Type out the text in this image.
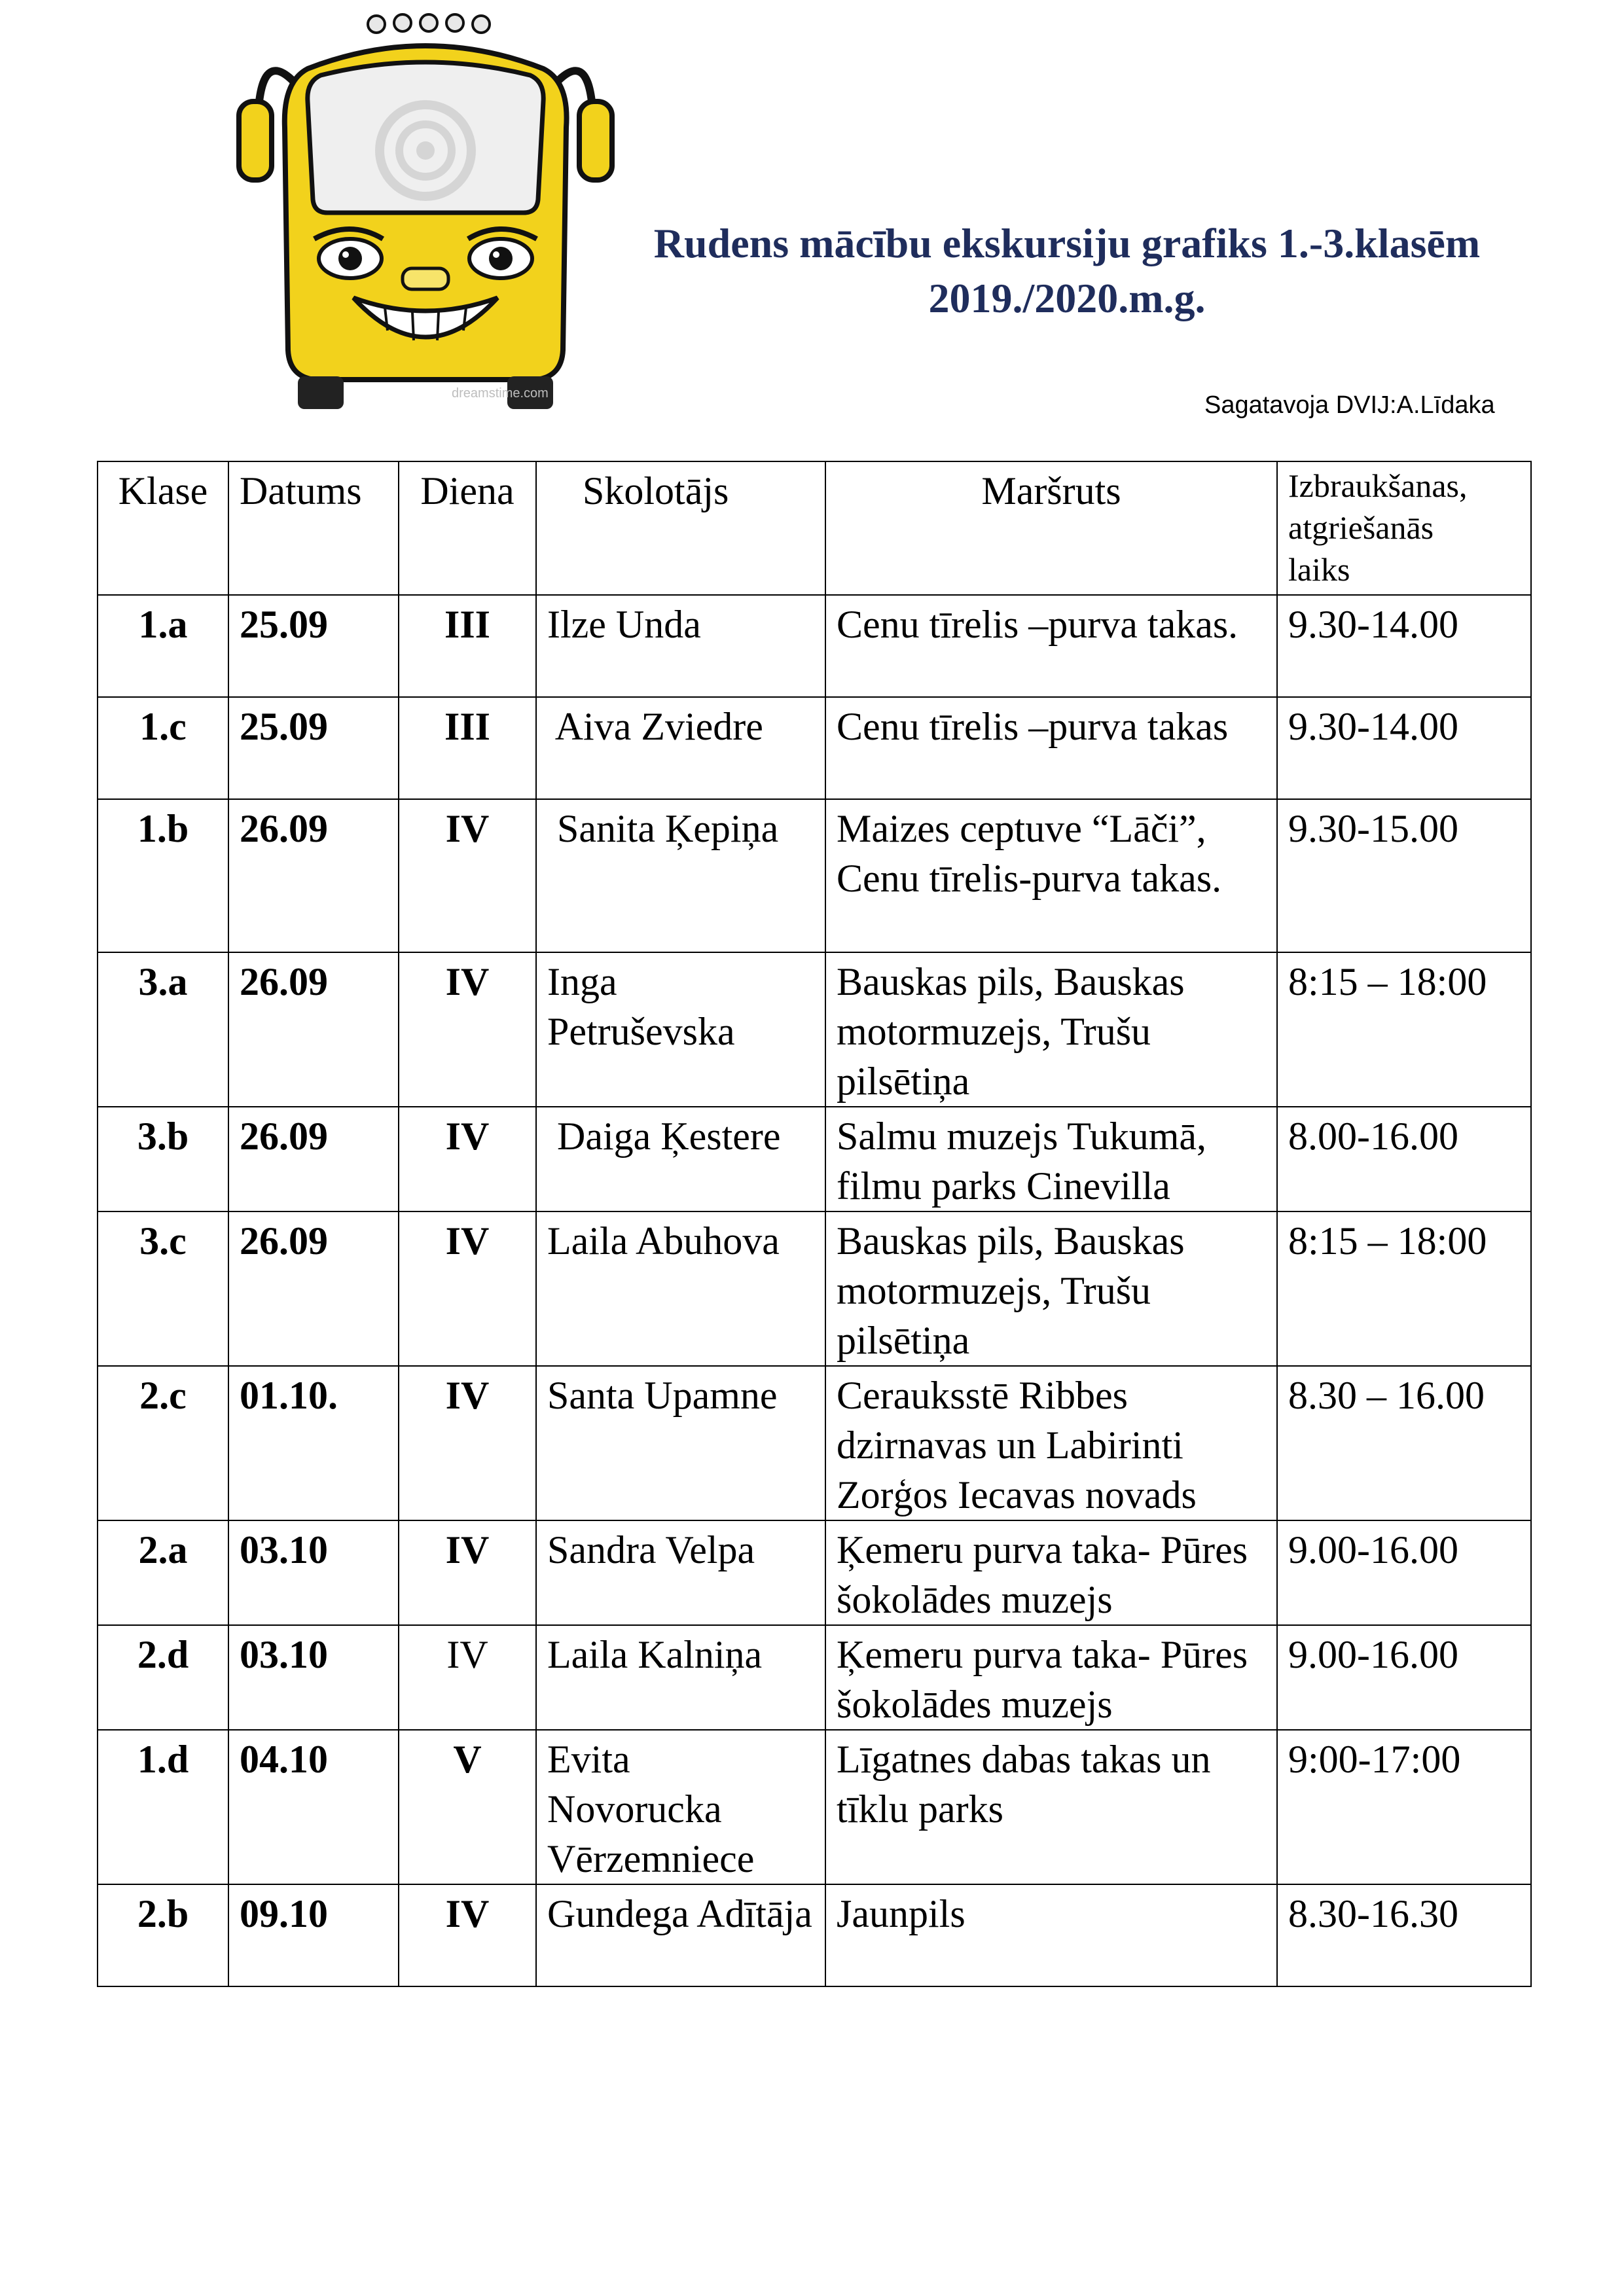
dreamstime.com
Rudens mācību ekskursiju grafiks 1.-3.klasēm
2019./2020.m.g.
Sagatavoja DVIJ:A.Līdaka
Klase	Datums	Diena	Skolotājs	Maršruts	Izbraukšanas,
atgriešanās
laiks

1.a	25.09	III	Ilze Unda	Cenu tīrelis –purva takas.	9.30-14.00
1.c	25.09	III	Aiva Zviedre	Cenu tīrelis –purva takas	9.30-14.00
1.b	26.09	IV	Sanita Ķepiņa	Maizes ceptuve “Lāči”, Cenu tīrelis-purva takas.	9.30-15.00
3.a	26.09	IV	Inga Petruševska	Bauskas pils, Bauskas motormuzejs, Trušu pilsētiņa	8:15 – 18:00
3.b	26.09	IV	Daiga Ķestere	Salmu muzejs Tukumā, filmu parks Cinevilla	8.00-16.00
3.c	26.09	IV	Laila Abuhova	Bauskas pils, Bauskas motormuzejs, Trušu pilsētiņa	8:15 – 18:00
2.c	01.10.	IV	Santa Upamne	Cerauksstē Ribbes dzirnavas un Labirinti Zorģos Iecavas novads	8.30 – 16.00
2.a	03.10	IV	Sandra Velpa	Ķemeru purva taka- Pūres šokolādes muzejs	9.00-16.00
2.d	03.10	IV	Laila Kalniņa	Ķemeru purva taka- Pūres šokolādes muzejs	9.00-16.00
1.d	04.10	V	Evita Novorucka Vērzemniece	Līgatnes dabas takas un tīklu parks	9:00-17:00
2.b	09.10	IV	Gundega Adītāja	Jaunpils	8.30-16.30
